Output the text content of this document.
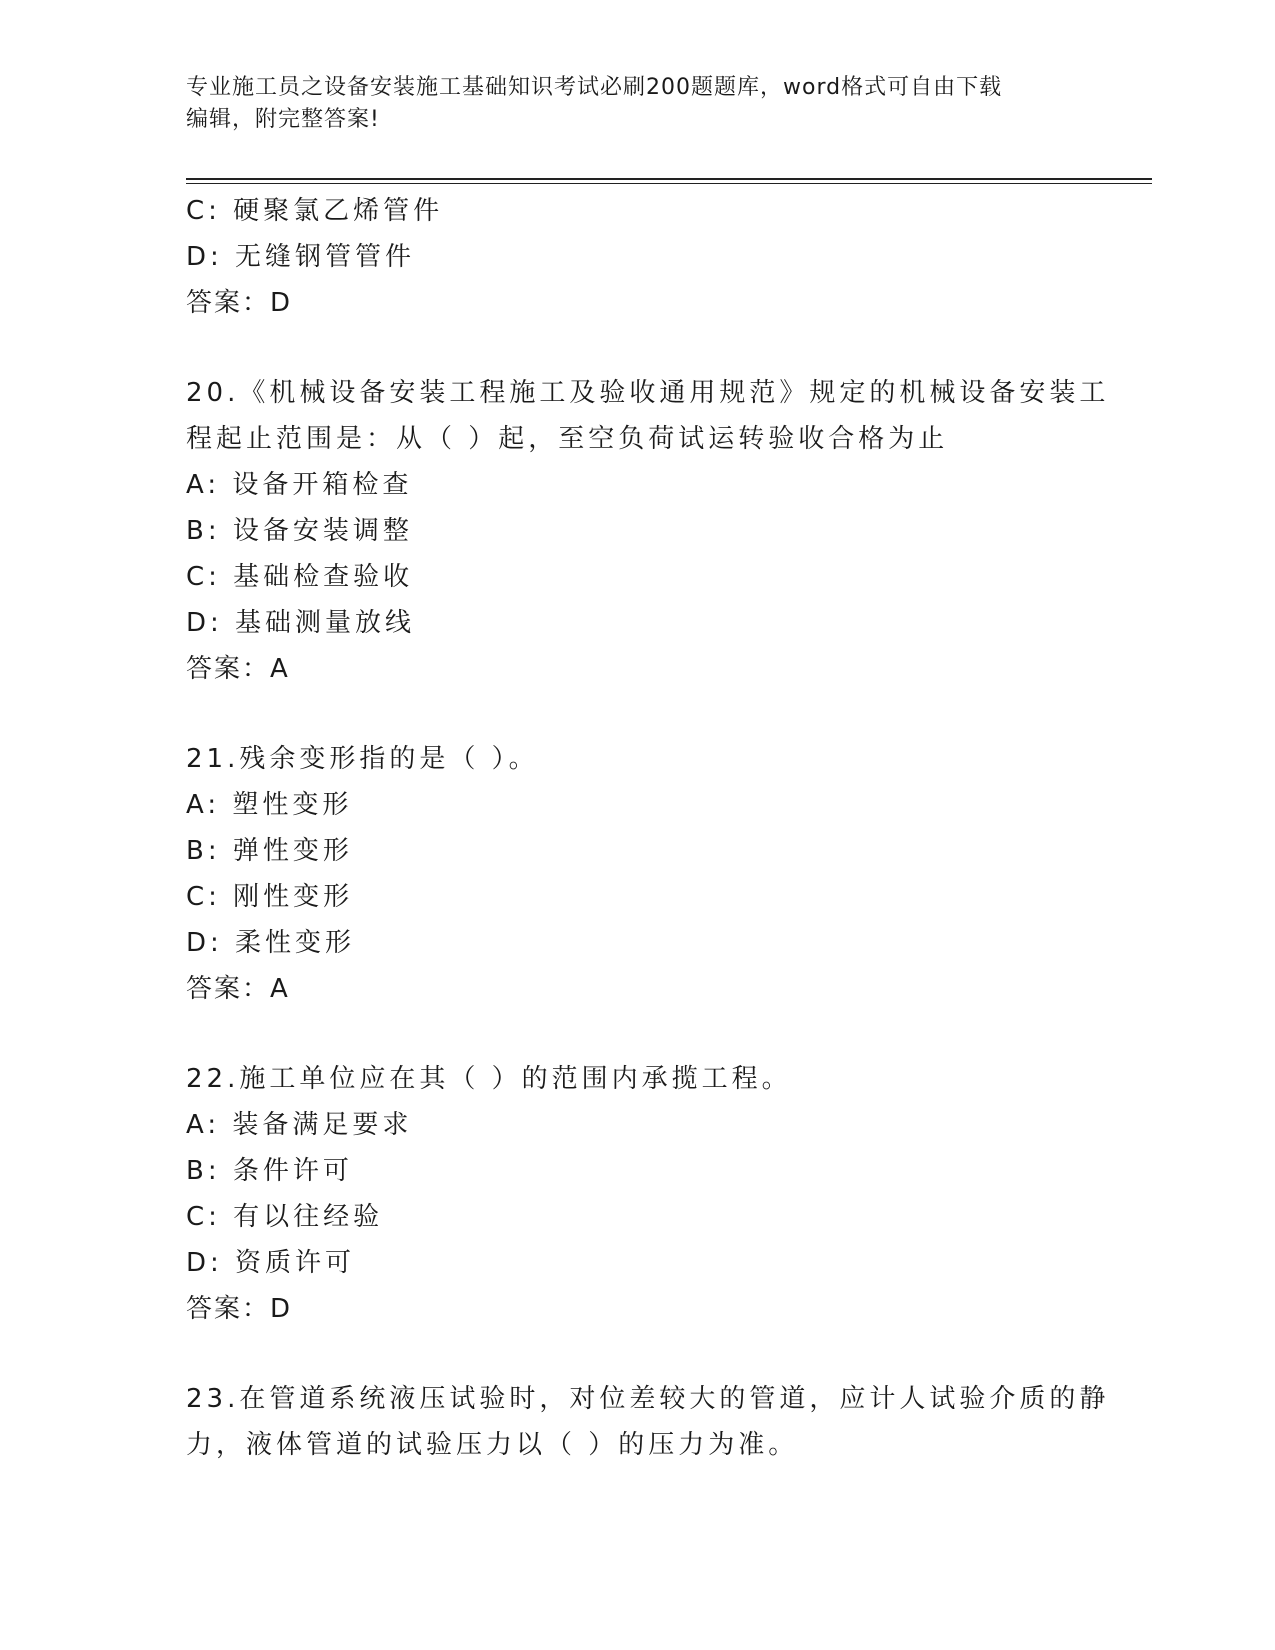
专业施工员之设备安装施工基础知识考试必刷200题题库，word格式可自由下载
编辑，附完整答案!
C: 硬聚氯乙烯管件
D: 无缝钢管管件
答案：D
20.《机械设备安装工程施工及验收通用规范》规定的机械设备安装工
程起止范围是：从（ ）起，至空负荷试运转验收合格为止
A: 设备开箱检查
B: 设备安装调整
C: 基础检查验收
D: 基础测量放线
答案：A
21.残余变形指的是（ ）。
A: 塑性变形
B: 弹性变形
C: 刚性变形
D: 柔性变形
答案：A
22.施工单位应在其（ ）的范围内承揽工程。
A: 装备满足要求
B: 条件许可
C: 有以往经验
D: 资质许可
答案：D
23.在管道系统液压试验时，对位差较大的管道，应计人试验介质的静
力，液体管道的试验压力以（ ）的压力为准。
